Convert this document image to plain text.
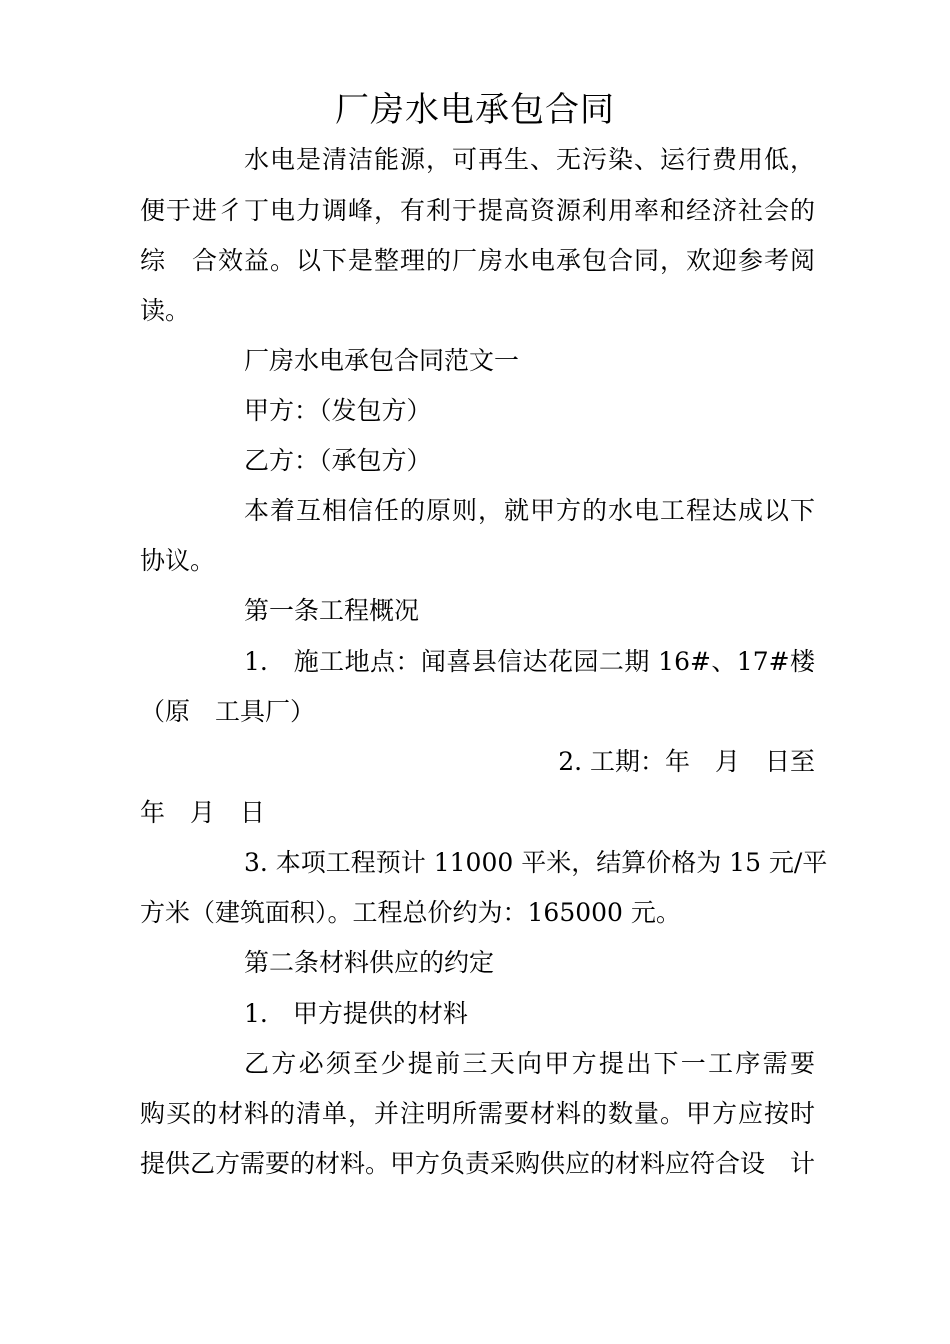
厂房水电承包合同
水电是清洁能源，可再生、无污染、运行费用低，
便于进彳丁电力调峰，有利于提高资源利用率和经济社会的
综　合效益。以下是整理的厂房水电承包合同，欢迎参考阅
读。
厂房水电承包合同范文一
甲方：（发包方）
乙方：（承包方）
本着互相信任的原则，就甲方的水电工程达成以下
协议。
第一条工程概况
1.　施工地点：闻喜县信达花园二期 16#、17#楼
（原　工具厂）
2. 工期：年　月　日至
年　月　日
3. 本项工程预计 11000 平米，结算价格为 15 元/平
方米（建筑面积）。工程总价约为：165000 元。
第二条材料供应的约定
1.　甲方提供的材料
乙方必须至少提前三天向甲方提出下一工序需要
购买的材料的清单，并注明所需要材料的数量。甲方应按时
提供乙方需要的材料。甲方负责采购供应的材料应符合设　计
